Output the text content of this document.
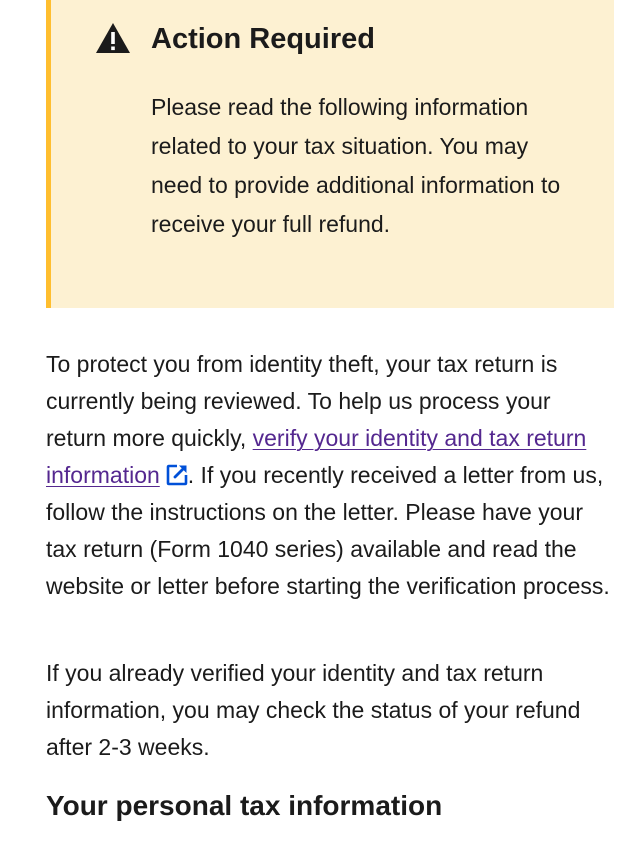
Action Required

Please read the following information related to your tax situation. You may need to provide additional information to receive your full refund.

To protect you from identity theft, your tax return is currently being reviewed. To help us process your return more quickly, verify your identity and tax return information . If you recently received a letter from us, follow the instructions on the letter. Please have your tax return (Form 1040 series) available and read the website or letter before starting the verification process.

If you already verified your identity and tax return information, you may check the status of your refund after 2-3 weeks.

Your personal tax information
